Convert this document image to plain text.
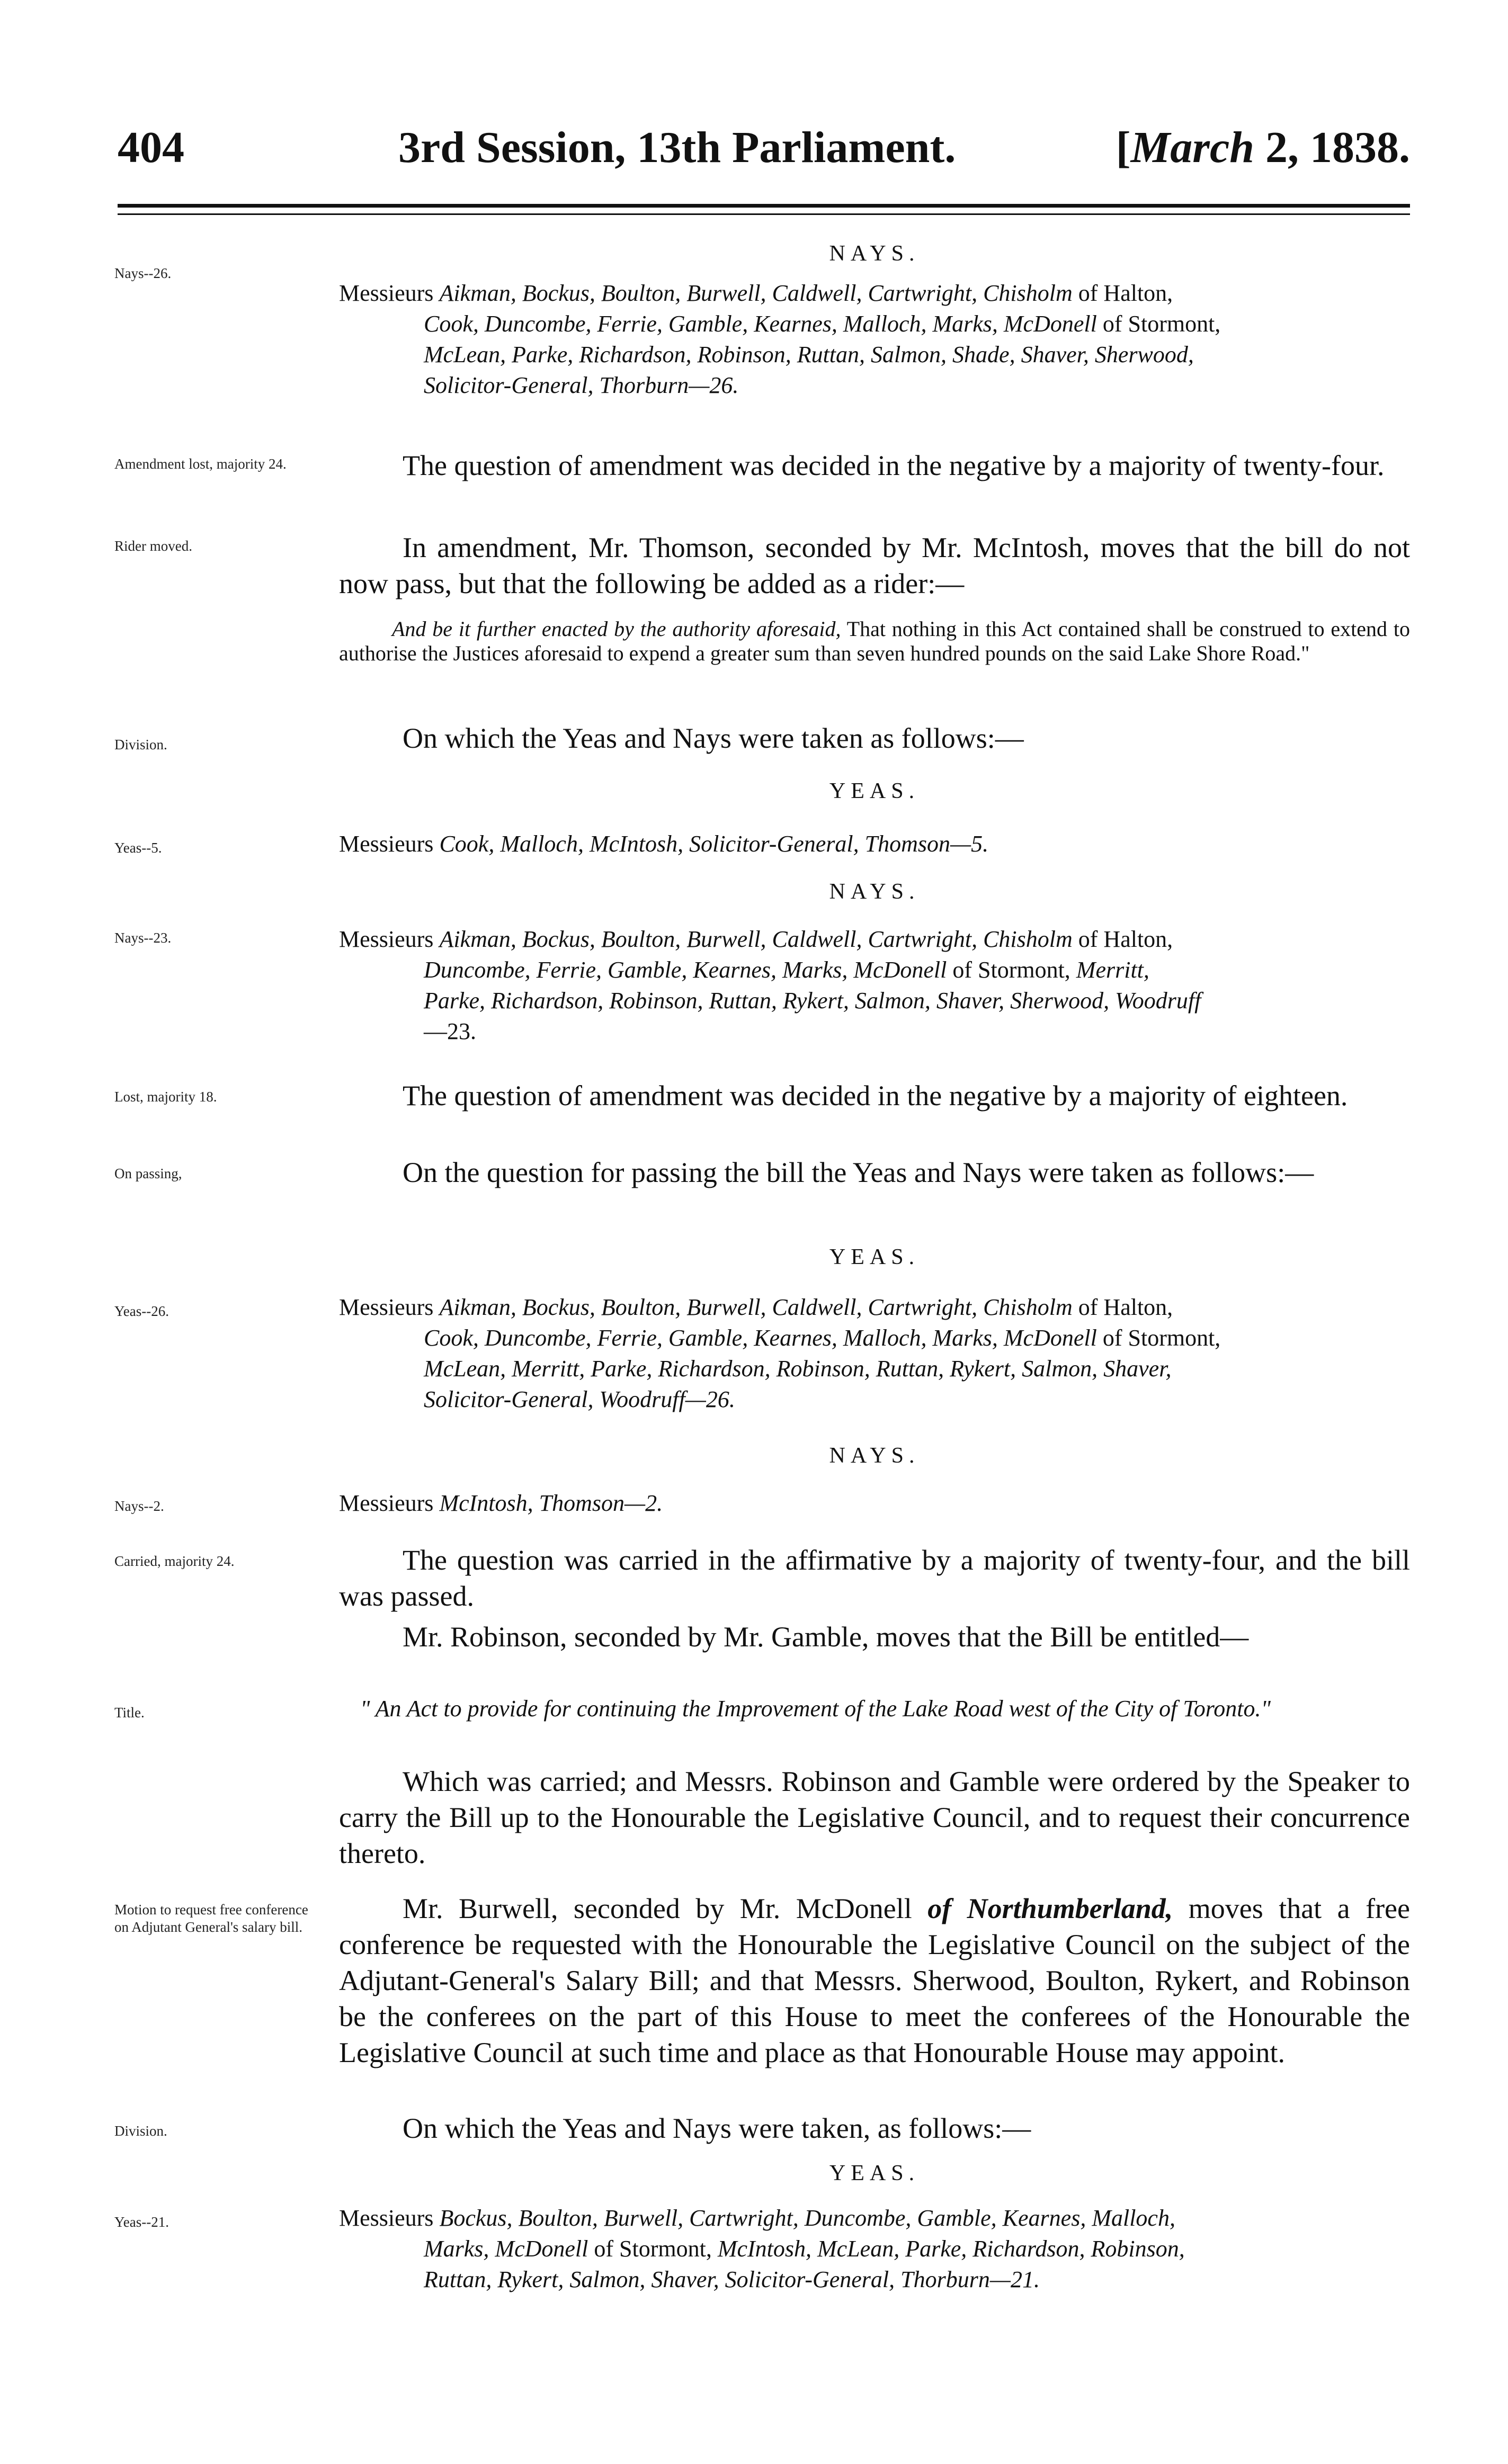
404	3rd Session, 13th Parliament.	[March 2, 1838.
Nays--26.
Amendment lost, majority 24.
Rider moved.
Division.
Yeas--5.
Nays--23.
Lost, majority 18.
On passing,
Yeas--26.
Nays--2.
Carried, majority 24.
Title.
Motion to request free conference on Adjutant General's salary bill.
Division.
Yeas--21.
NAYS.
Messieurs Aikman, Bockus, Boulton, Burwell, Caldwell, Cartwright, Chisholm of Halton,
Cook, Duncombe, Ferrie, Gamble, Kearnes, Malloch, Marks, McDonell of Stormont,
McLean, Parke, Richardson, Robinson, Ruttan, Salmon, Shade, Shaver, Sherwood,
Solicitor-General, Thorburn—26.
The question of amendment was decided in the negative by a majority of twenty-four.
In amendment, Mr. Thomson, seconded by Mr. McIntosh, moves that the bill do not now pass, but that the following be added as a rider:—
And be it further enacted by the authority aforesaid, That nothing in this Act contained shall be construed to extend to authorise the Justices aforesaid to expend a greater sum than seven hundred pounds on the said Lake Shore Road."
On which the Yeas and Nays were taken as follows:—
YEAS.
Messieurs Cook, Malloch, McIntosh, Solicitor-General, Thomson—5.
NAYS.
Messieurs Aikman, Bockus, Boulton, Burwell, Caldwell, Cartwright, Chisholm of Halton,
Duncombe, Ferrie, Gamble, Kearnes, Marks, McDonell of Stormont, Merritt,
Parke, Richardson, Robinson, Ruttan, Rykert, Salmon, Shaver, Sherwood, Woodruff
—23.
The question of amendment was decided in the negative by a majority of eighteen.
On the question for passing the bill the Yeas and Nays were taken as follows:—
YEAS.
Messieurs Aikman, Bockus, Boulton, Burwell, Caldwell, Cartwright, Chisholm of Halton,
Cook, Duncombe, Ferrie, Gamble, Kearnes, Malloch, Marks, McDonell of Stormont,
McLean, Merritt, Parke, Richardson, Robinson, Ruttan, Rykert, Salmon, Shaver,
Solicitor-General, Woodruff—26.
NAYS.
Messieurs McIntosh, Thomson—2.
The question was carried in the affirmative by a majority of twenty-four, and the bill was passed.
Mr. Robinson, seconded by Mr. Gamble, moves that the Bill be entitled—
" An Act to provide for continuing the Improvement of the Lake Road west of the City of Toronto."
Which was carried; and Messrs. Robinson and Gamble were ordered by the Speaker to carry the Bill up to the Honourable the Legislative Council, and to request their concurrence thereto.
Mr. Burwell, seconded by Mr. McDonell of Northumberland, moves that a free conference be requested with the Honourable the Legislative Council on the subject of the Adjutant-General's Salary Bill; and that Messrs. Sherwood, Boulton, Rykert, and Robinson be the conferees on the part of this House to meet the conferees of the Honourable the Legislative Council at such time and place as that Honourable House may appoint.
On which the Yeas and Nays were taken, as follows:—
YEAS.
Messieurs Bockus, Boulton, Burwell, Cartwright, Duncombe, Gamble, Kearnes, Malloch,
Marks, McDonell of Stormont, McIntosh, McLean, Parke, Richardson, Robinson,
Ruttan, Rykert, Salmon, Shaver, Solicitor-General, Thorburn—21.
